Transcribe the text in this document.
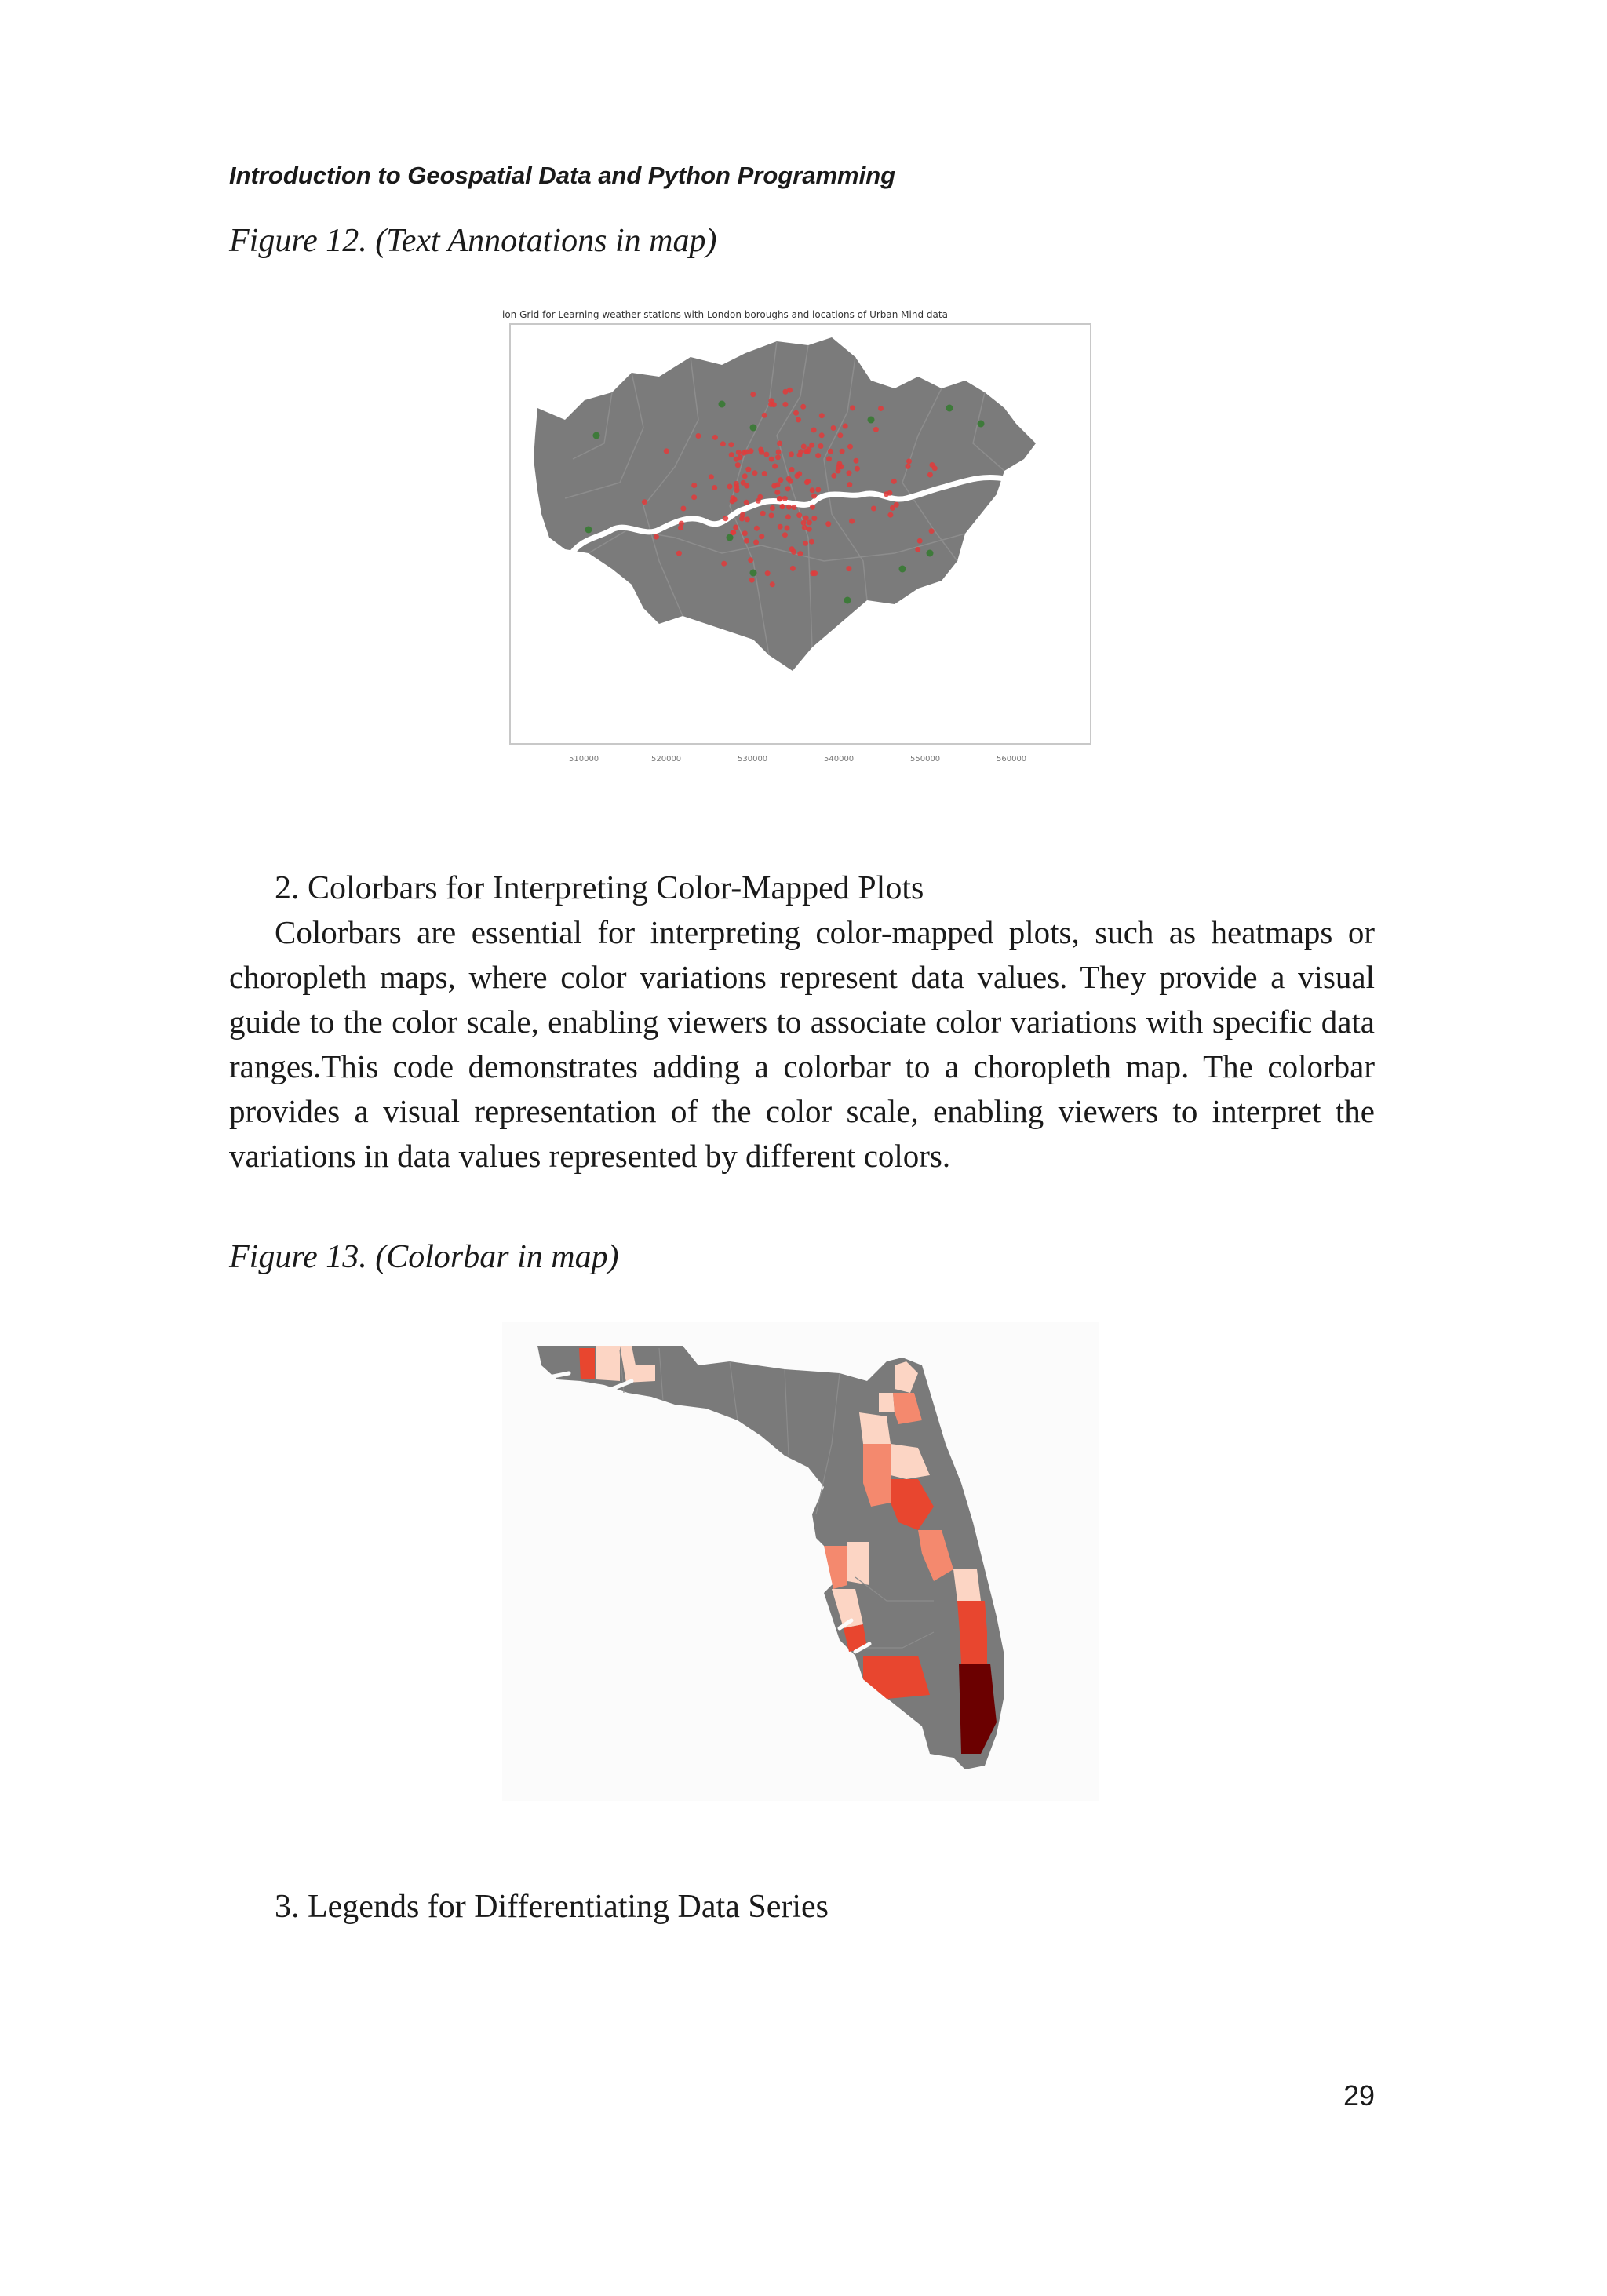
Introduction to Geospatial Data and Python Programming
Figure 12. (Text Annotations in map)
ion Grid for Learning weather stations with London boroughs and locations of Urban Mind data
510000	520000	530000	540000	550000	560000
2. Colorbars for Interpreting Color-Mapped Plots

Colorbars are essential for interpreting color-mapped plots, such as heatmaps or choropleth maps, where color variations represent data values. They provide a visual guide to the color scale, enabling viewers to associate color variations with specific data ranges.This code demonstrates adding a colorbar to a choropleth map. The colorbar provides a visual representation of the color scale, enabling viewers to interpret the variations in data values represented by different colors.

Figure 13. (Colorbar in map)
3. Legends for Differentiating Data Series
29
